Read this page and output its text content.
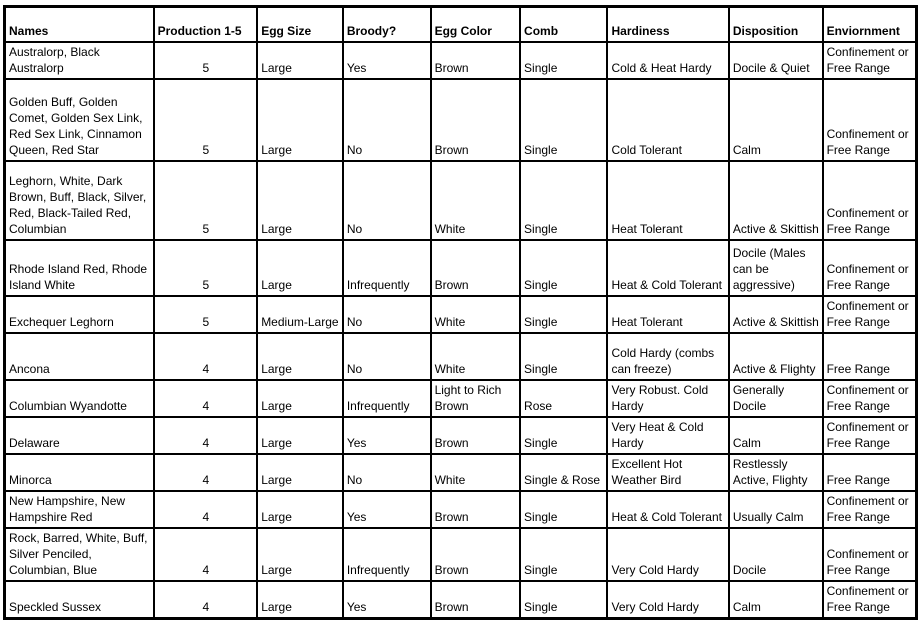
Names	Production 1-5	Egg Size	Broody?	Egg Color	Comb	Hardiness	Disposition	Enviornment
Australorp, Black Australorp	5	Large	Yes	Brown	Single	Cold & Heat Hardy	Docile & Quiet	Confinement or Free Range
Golden Buff, Golden Comet, Golden Sex Link, Red Sex Link, Cinnamon Queen, Red Star	5	Large	No	Brown	Single	Cold Tolerant	Calm	Confinement or Free Range
Leghorn, White, Dark Brown, Buff, Black, Silver, Red, Black-Tailed Red, Columbian	5	Large	No	White	Single	Heat Tolerant	Active & Skittish	Confinement or Free Range
Rhode Island Red, Rhode Island White	5	Large	Infrequently	Brown	Single	Heat & Cold Tolerant	Docile (Males can be aggressive)	Confinement or Free Range
Exchequer Leghorn	5	Medium-Large	No	White	Single	Heat Tolerant	Active & Skittish	Confinement or Free Range
Ancona	4	Large	No	White	Single	Cold Hardy (combs can freeze)	Active & Flighty	Free Range
Columbian Wyandotte	4	Large	Infrequently	Light to Rich Brown	Rose	Very Robust. Cold Hardy	Generally Docile	Confinement or Free Range
Delaware	4	Large	Yes	Brown	Single	Very Heat & Cold Hardy	Calm	Confinement or Free Range
Minorca	4	Large	No	White	Single & Rose	Excellent Hot Weather Bird	Restlessly Active, Flighty	Free Range
New Hampshire, New Hampshire Red	4	Large	Yes	Brown	Single	Heat & Cold Tolerant	Usually Calm	Confinement or Free Range
Rock, Barred, White, Buff, Silver Penciled, Columbian, Blue	4	Large	Infrequently	Brown	Single	Very Cold Hardy	Docile	Confinement or Free Range
Speckled Sussex	4	Large	Yes	Brown	Single	Very Cold Hardy	Calm	Confinement or Free Range
